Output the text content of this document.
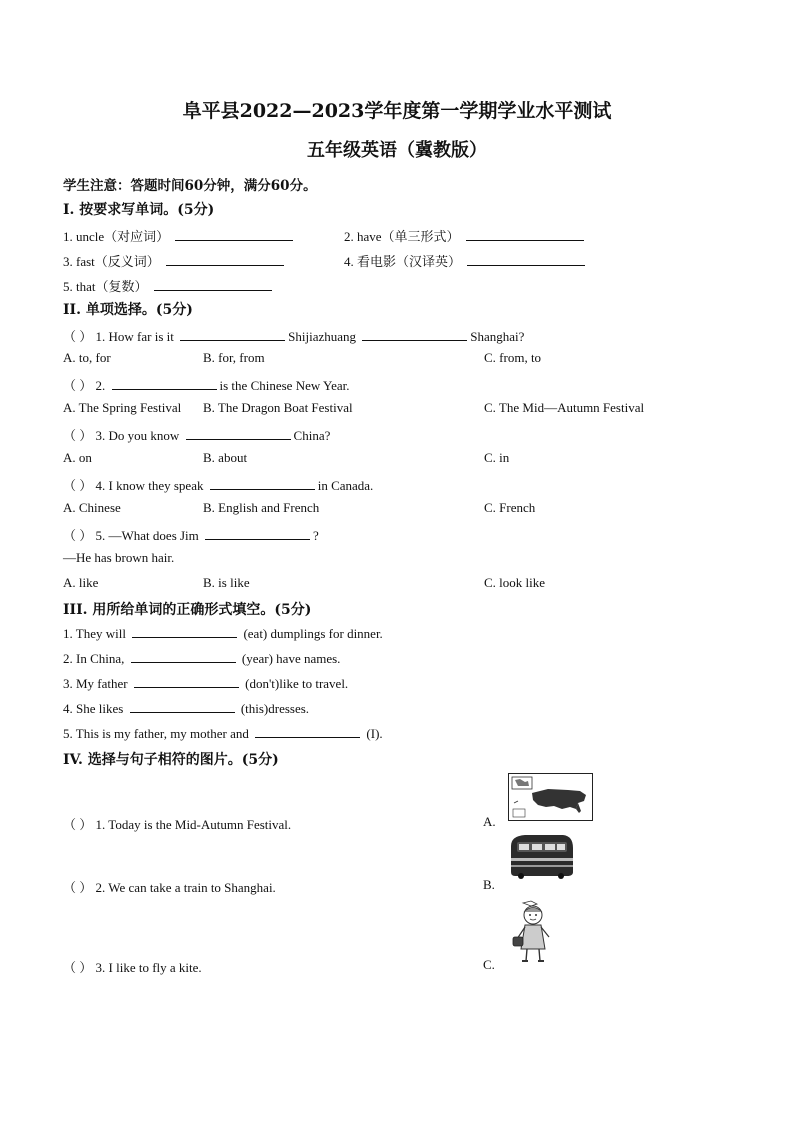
阜平县2022—2023学年度第一学期学业水平测试
五年级英语（冀教版）
学生注意：答题时间60分钟，满分60分。
I. 按要求写单词。(5分)
1. uncle（对应词）	2. have（单三形式）
3. fast（反义词）	4. 看电影（汉译英）
5. that（复数）
II. 单项选择。(5分)
（ ） 1. How far is it	Shijiazhuang	Shanghai?
A. to, for	B. for, from	C. from, to
（ ） 2.	is the Chinese New Year.
A. The Spring Festival B. The Dragon Boat Festival	C. The Mid—Autumn Festival
（ ） 3. Do you know	China?
A. on	B. about	C. in
（ ） 4. I know they speak	in Canada.
A. Chinese	B. English and French	C. French
（ ） 5. —What does Jim	?
—He has brown hair.
A. like	B. is like	C. look like
III. 用所给单词的正确形式填空。(5分)
1. They will	(eat) dumplings for dinner.
2. In China,	(year) have names.
3. My father	(don't)like to travel.
4. She likes	(this)dresses.
5. This is my father, my mother and	(I).
IV. 选择与句子相符的图片。(5分)
（ ） 1. Today is the Mid-Autumn Festival.	A.
（ ） 2. We can take a train to Shanghai.	B.
（ ） 3. I like to fly a kite.	C.
